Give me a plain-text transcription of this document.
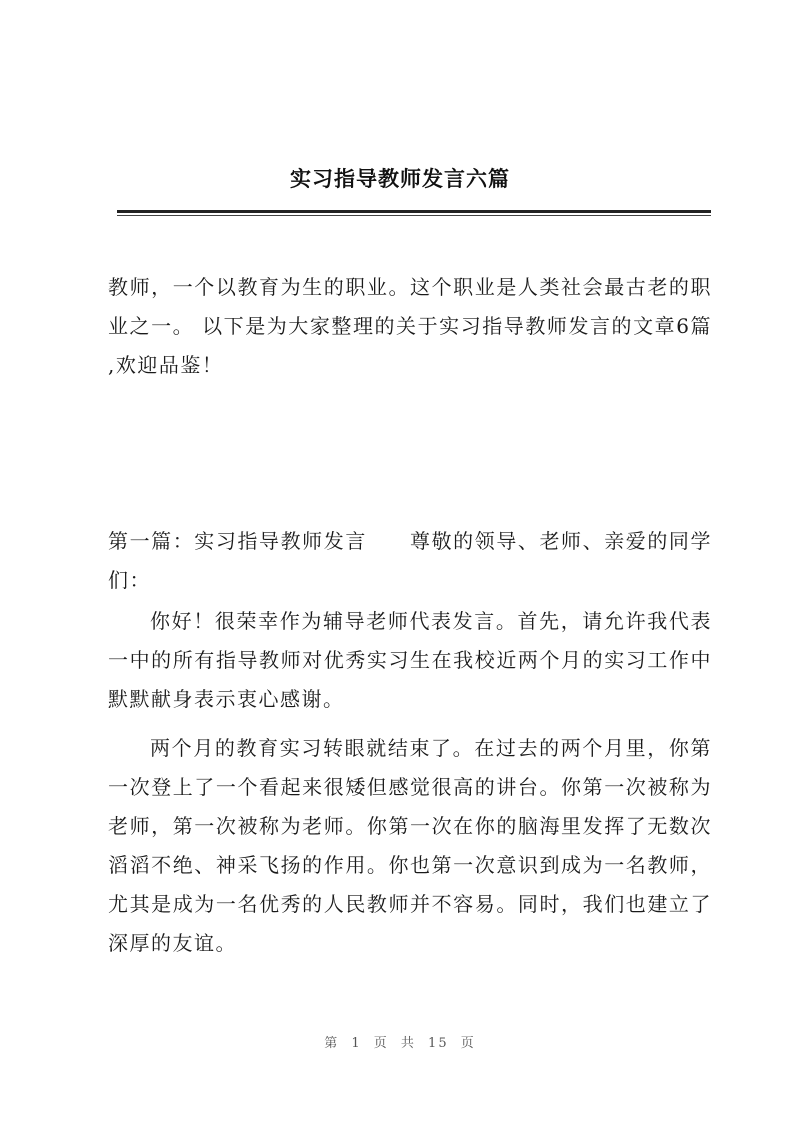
实习指导教师发言六篇

教师，一个以教育为生的职业。这个职业是人类社会最古老的职业之一。 以下是为大家整理的关于实习指导教师发言的文章6篇 ,欢迎品鉴！

第一篇：实习指导教师发言　　尊敬的领导、老师、亲爱的同学们：

你好！很荣幸作为辅导老师代表发言。首先，请允许我代表一中的所有指导教师对优秀实习生在我校近两个月的实习工作中默默献身表示衷心感谢。

两个月的教育实习转眼就结束了。在过去的两个月里，你第一次登上了一个看起来很矮但感觉很高的讲台。你第一次被称为老师，第一次被称为老师。你第一次在你的脑海里发挥了无数次滔滔不绝、神采飞扬的作用。你也第一次意识到成为一名教师，尤其是成为一名优秀的人民教师并不容易。同时，我们也建立了深厚的友谊。

第 1 页 共 15 页
